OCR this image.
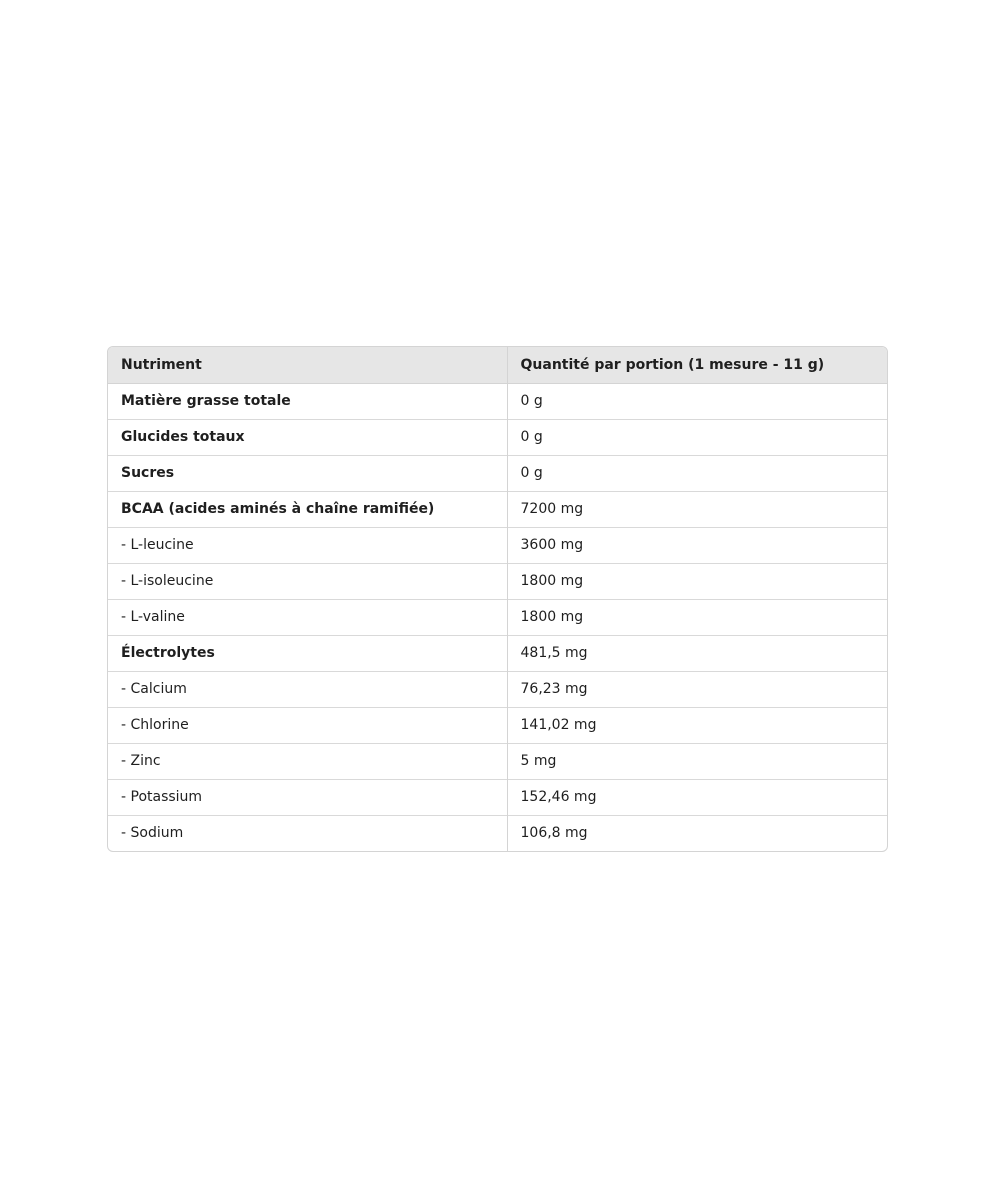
Nutriment	Quantité par portion (1 mesure - 11 g)
Matière grasse totale	0 g
Glucides totaux	0 g
Sucres	0 g
BCAA (acides aminés à chaîne ramifiée)	7200 mg
- L-leucine	3600 mg
- L-isoleucine	1800 mg
- L-valine	1800 mg
Électrolytes	481,5 mg
- Calcium	76,23 mg
- Chlorine	141,02 mg
- Zinc	5 mg
- Potassium	152,46 mg
- Sodium	106,8 mg
